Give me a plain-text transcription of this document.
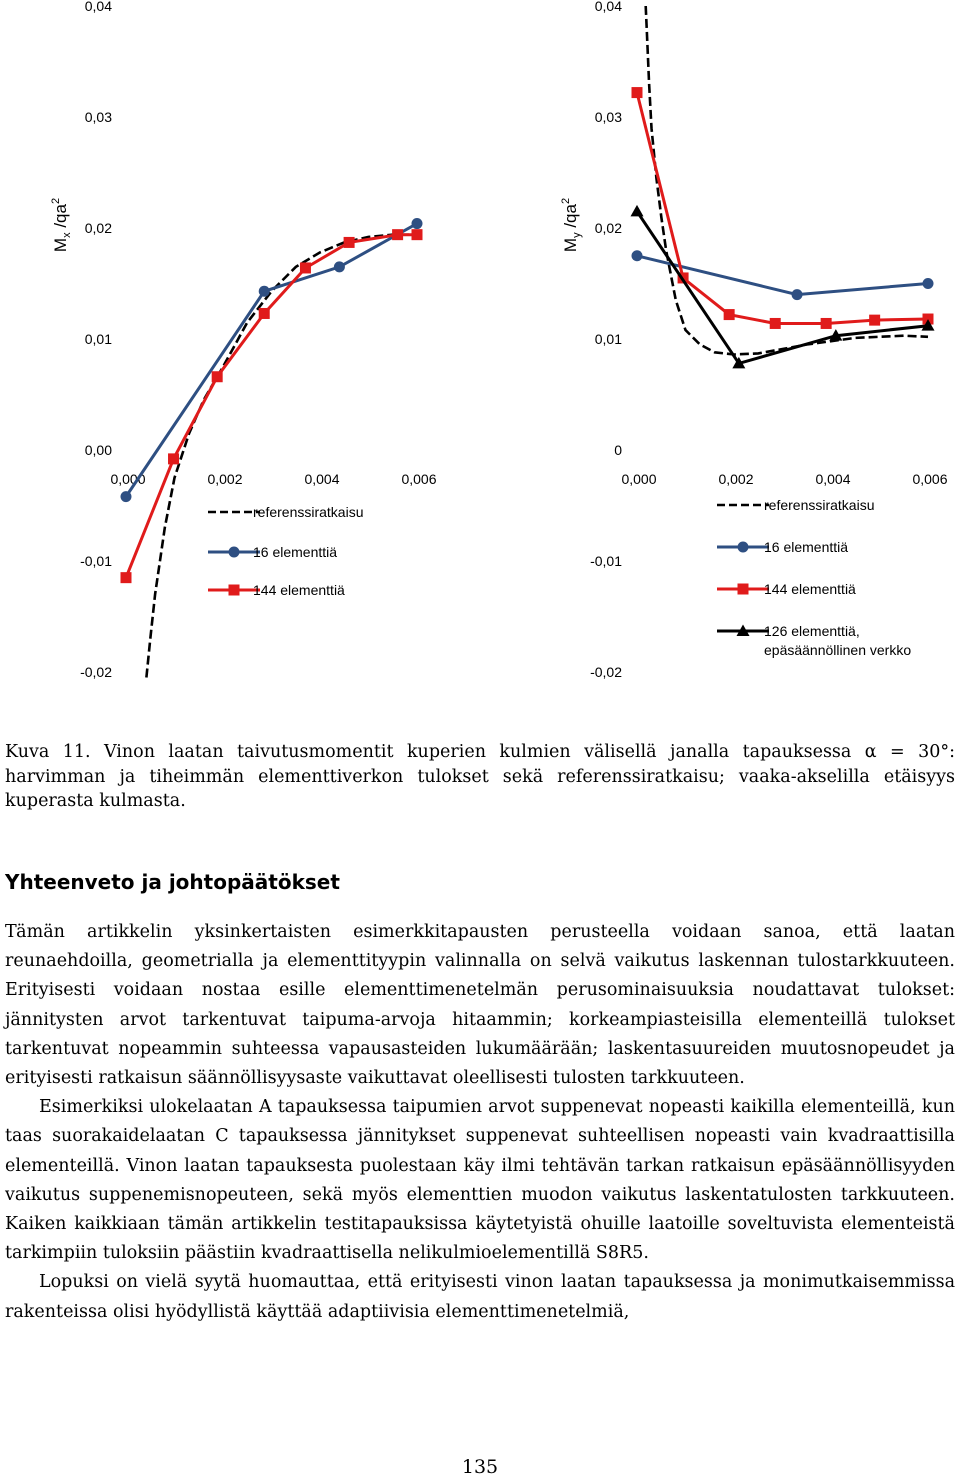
0,04
0,03
0,02
0,01
0,00
-0,01
-0,02
0,000	0,002	0,004	0,006
$M_x$ $/qa^2$
referenssiratkaisu
16 elementtiä
144 elementtiä
0,04
0,03
0,02
0,01
0
-0,01
-0,02
0,000	0,002	0,004	0,006
$M_y$ $/qa^2$
referenssiratkaisu
16 elementtiä
144 elementtiä
126 elementtiä,
epäsäännöllinen verkko
Kuva 11. Vinon laatan taivutusmomentit kuperien kulmien välisellä janalla tapauksessa α = 30°: harvimman ja tiheimmän elementtiverkon tulokset sekä referenssiratkaisu; vaaka-akselilla etäisyys kuperasta kulmasta.
Yhteenveto ja johtopäätökset

Tämän artikkelin yksinkertaisten esimerkkitapausten perusteella voidaan sanoa, että laatan reunaehdoilla, geometrialla ja elementtityypin valinnalla on selvä vaikutus laskennan tulostarkkuuteen. Erityisesti voidaan nostaa esille elementtimenetelmän perusominaisuuksia noudattavat tulokset: jännitysten arvot tarkentuvat taipuma-arvoja hitaammin; korkeampiasteisilla elementeillä tulokset tarkentuvat nopeammin suhteessa vapausasteiden lukumäärään; laskentasuureiden muutosnopeudet ja erityisesti ratkaisun säännöllisyysaste vaikuttavat oleellisesti tulosten tarkkuuteen.

Esimerkiksi ulokelaatan A tapauksessa taipumien arvot suppenevat nopeasti kaikilla elementeillä, kun taas suorakaidelaatan C tapauksessa jännitykset suppenevat suhteellisen nopeasti vain kvadraattisilla elementeillä. Vinon laatan tapauksesta puolestaan käy ilmi tehtävän tarkan ratkaisun epäsäännöllisyyden vaikutus suppenemisnopeuteen, sekä myös elementtien muodon vaikutus laskentatulosten tarkkuuteen. Kaiken kaikkiaan tämän artikkelin testitapauksissa käytetyistä ohuille laatoille soveltuvista elementeistä tarkimpiin tuloksiin päästiin kvadraattisella nelikulmioelementillä S8R5.

Lopuksi on vielä syytä huomauttaa, että erityisesti vinon laatan tapauksessa ja monimutkaisemmissa rakenteissa olisi hyödyllistä käyttää adaptiivisia elementtimenetelmiä,

135
